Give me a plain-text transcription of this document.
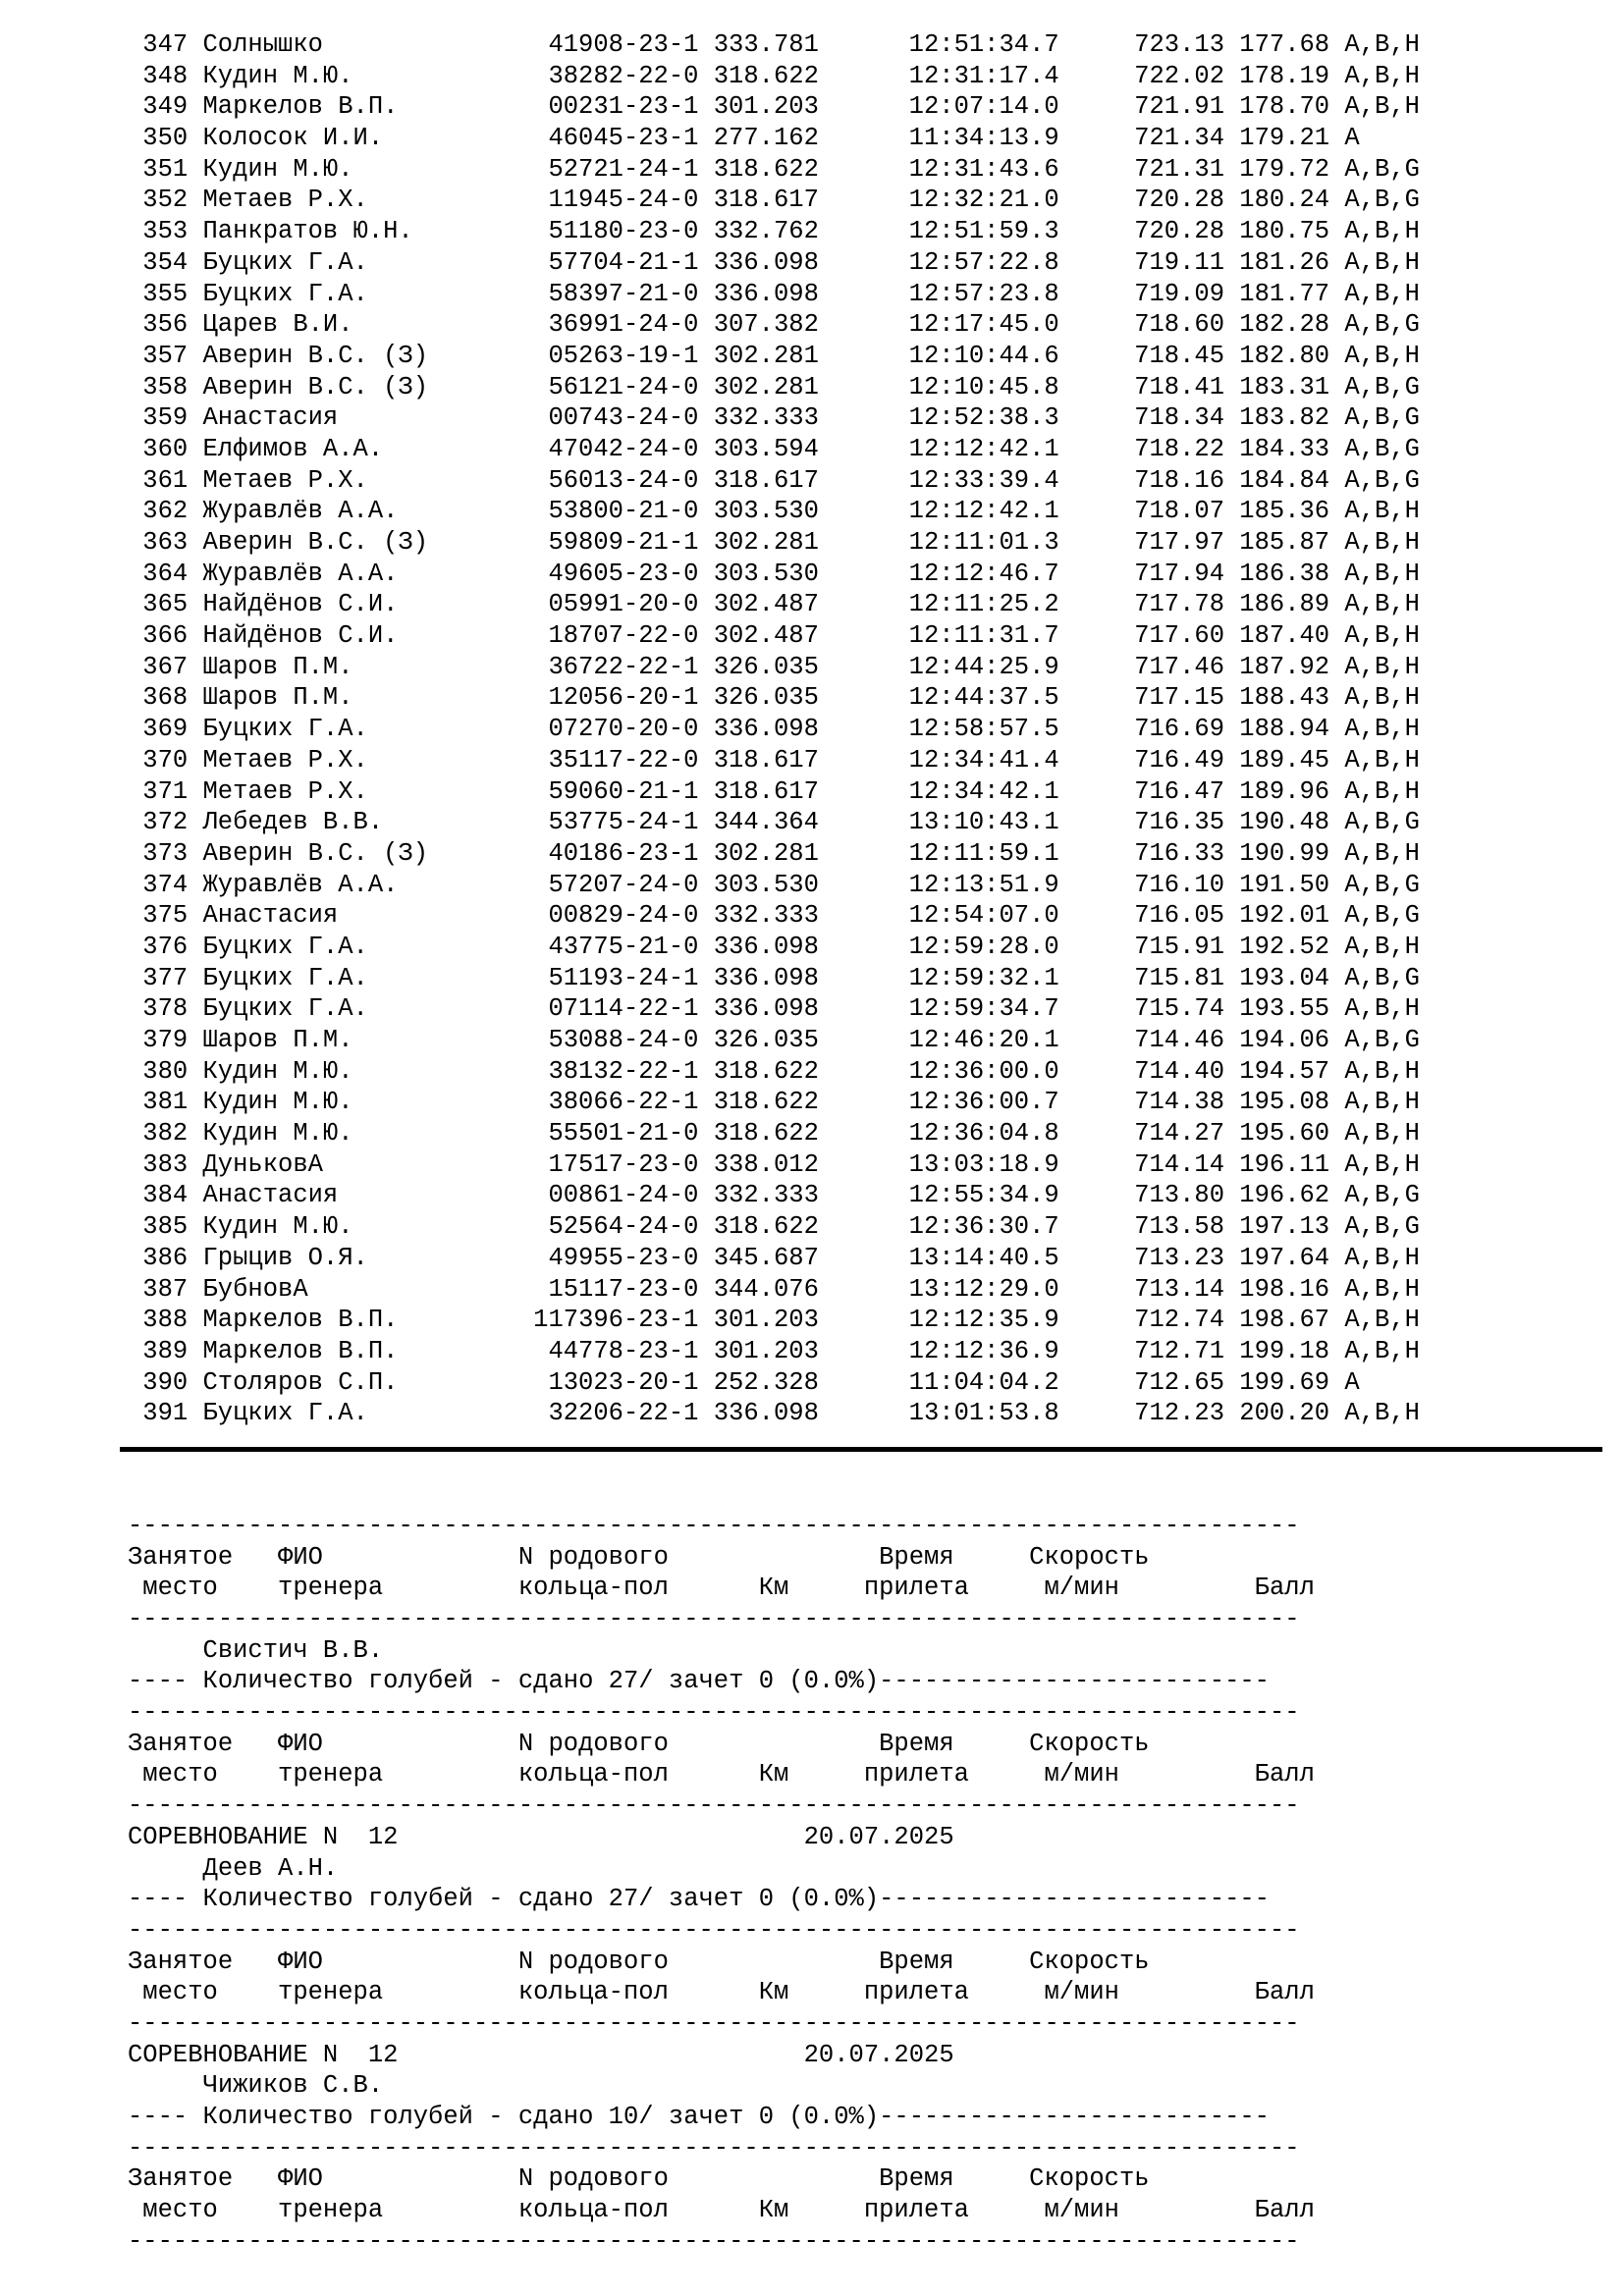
347 Солнышко	41908-23-1 333.781	12:51:34.7	723.13 177.68 A,B,H
348 Кудин М.Ю.	38282-22-0 318.622	12:31:17.4	722.02 178.19 A,B,H
349 Маркелов В.П.	00231-23-1 301.203	12:07:14.0	721.91 178.70 A,B,H
350 Колосок И.И.	46045-23-1 277.162	11:34:13.9	721.34 179.21 A
351 Кудин М.Ю.	52721-24-1 318.622	12:31:43.6	721.31 179.72 A,B,G
352 Метаев Р.Х.	11945-24-0 318.617	12:32:21.0	720.28 180.24 A,B,G
353 Панкратов Ю.Н.	51180-23-0 332.762	12:51:59.3	720.28 180.75 A,B,H
354 Буцких Г.А.	57704-21-1 336.098	12:57:22.8	719.11 181.26 A,B,H
355 Буцких Г.А.	58397-21-0 336.098	12:57:23.8	719.09 181.77 A,B,H
356 Царев В.И.	36991-24-0 307.382	12:17:45.0	718.60 182.28 A,B,G
357 Аверин В.С. (З)	05263-19-1 302.281	12:10:44.6	718.45 182.80 A,B,H
358 Аверин В.С. (З)	56121-24-0 302.281	12:10:45.8	718.41 183.31 A,B,G
359 Анастасия	00743-24-0 332.333	12:52:38.3	718.34 183.82 A,B,G
360 Елфимов А.А.	47042-24-0 303.594	12:12:42.1	718.22 184.33 A,B,G
361 Метаев Р.Х.	56013-24-0 318.617	12:33:39.4	718.16 184.84 A,B,G
362 Журавлёв А.А.	53800-21-0 303.530	12:12:42.1	718.07 185.36 A,B,H
363 Аверин В.С. (З)	59809-21-1 302.281	12:11:01.3	717.97 185.87 A,B,H
364 Журавлёв А.А.	49605-23-0 303.530	12:12:46.7	717.94 186.38 A,B,H
365 Найдёнов С.И.	05991-20-0 302.487	12:11:25.2	717.78 186.89 A,B,H
366 Найдёнов С.И.	18707-22-0 302.487	12:11:31.7	717.60 187.40 A,B,H
367 Шаров П.М.	36722-22-1 326.035	12:44:25.9	717.46 187.92 A,B,H
368 Шаров П.М.	12056-20-1 326.035	12:44:37.5	717.15 188.43 A,B,H
369 Буцких Г.А.	07270-20-0 336.098	12:58:57.5	716.69 188.94 A,B,H
370 Метаев Р.Х.	35117-22-0 318.617	12:34:41.4	716.49 189.45 A,B,H
371 Метаев Р.Х.	59060-21-1 318.617	12:34:42.1	716.47 189.96 A,B,H
372 Лебедев В.В.	53775-24-1 344.364	13:10:43.1	716.35 190.48 A,B,G
373 Аверин В.С. (З)	40186-23-1 302.281	12:11:59.1	716.33 190.99 A,B,H
374 Журавлёв А.А.	57207-24-0 303.530	12:13:51.9	716.10 191.50 A,B,G
375 Анастасия	00829-24-0 332.333	12:54:07.0	716.05 192.01 A,B,G
376 Буцких Г.А.	43775-21-0 336.098	12:59:28.0	715.91 192.52 A,B,H
377 Буцких Г.А.	51193-24-1 336.098	12:59:32.1	715.81 193.04 A,B,G
378 Буцких Г.А.	07114-22-1 336.098	12:59:34.7	715.74 193.55 A,B,H
379 Шаров П.М.	53088-24-0 326.035	12:46:20.1	714.46 194.06 A,B,G
380 Кудин М.Ю.	38132-22-1 318.622	12:36:00.0	714.40 194.57 A,B,H
381 Кудин М.Ю.	38066-22-1 318.622	12:36:00.7	714.38 195.08 A,B,H
382 Кудин М.Ю.	55501-21-0 318.622	12:36:04.8	714.27 195.60 A,B,H
383 ДуньковА	17517-23-0 338.012	13:03:18.9	714.14 196.11 A,B,H
384 Анастасия	00861-24-0 332.333	12:55:34.9	713.80 196.62 A,B,G
385 Кудин М.Ю.	52564-24-0 318.622	12:36:30.7	713.58 197.13 A,B,G
386 Грыцив О.Я.	49955-23-0 345.687	13:14:40.5	713.23 197.64 A,B,H
387 БубновА	15117-23-0 344.076	13:12:29.0	713.14 198.16 A,B,H
388 Маркелов В.П.	117396-23-1 301.203	12:12:35.9	712.74 198.67 A,B,H
389 Маркелов В.П.	44778-23-1 301.203	12:12:36.9	712.71 199.18 A,B,H
390 Столяров С.П.	13023-20-1 252.328	11:04:04.2	712.65 199.69 A
391 Буцких Г.А.	32206-22-1 336.098	13:01:53.8	712.23 200.20 A,B,H
------------------------------------------------------------------------------
Занятое   ФИО             N родового              Время     Скорость
место    тренера         кольца-пол      Км     прилета     м/мин         Балл
------------------------------------------------------------------------------
Свистич В.В.
---- Количество голубей - сдано 27/ зачет 0 (0.0%)--------------------------
------------------------------------------------------------------------------
Занятое   ФИО             N родового              Время     Скорость
место    тренера         кольца-пол      Км     прилета     м/мин         Балл
------------------------------------------------------------------------------
СОРЕВНОВАНИЕ N  12                           20.07.2025
Деев А.Н.
---- Количество голубей - сдано 27/ зачет 0 (0.0%)--------------------------
------------------------------------------------------------------------------
Занятое   ФИО             N родового              Время     Скорость
место    тренера         кольца-пол      Км     прилета     м/мин         Балл
------------------------------------------------------------------------------
СОРЕВНОВАНИЕ N  12                           20.07.2025
Чижиков С.В.
---- Количество голубей - сдано 10/ зачет 0 (0.0%)--------------------------
------------------------------------------------------------------------------
Занятое   ФИО             N родового              Время     Скорость
место    тренера         кольца-пол      Км     прилета     м/мин         Балл
------------------------------------------------------------------------------
